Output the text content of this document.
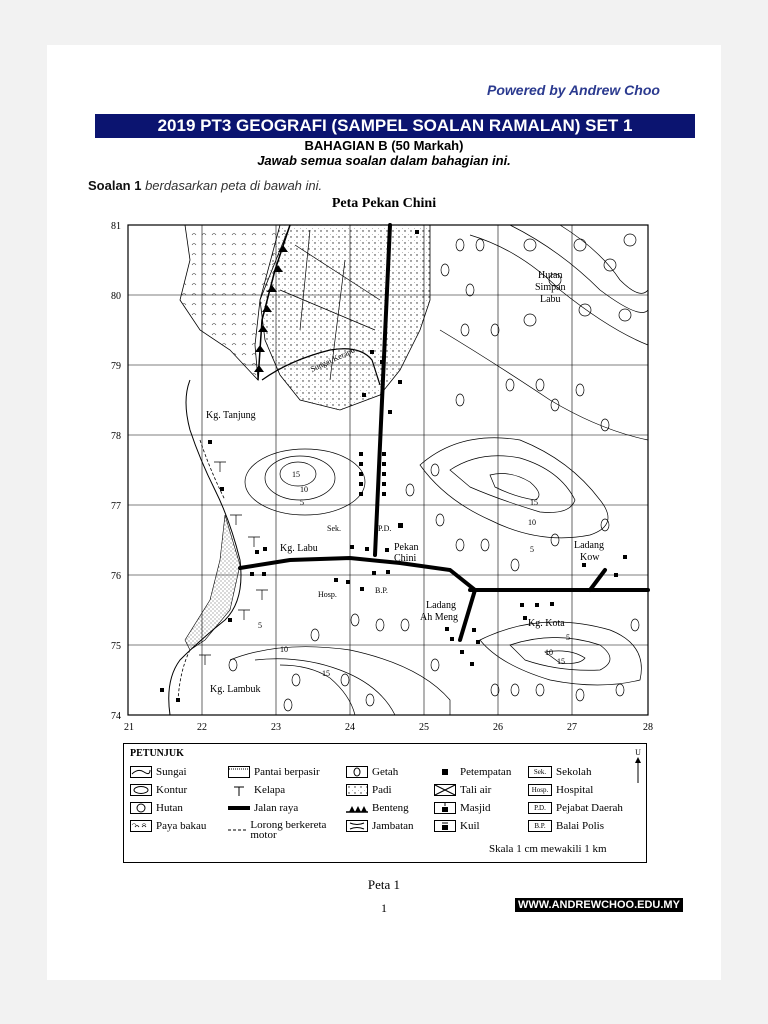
Powered by Andrew Choo
2019 PT3 GEOGRAFI (SAMPEL SOALAN RAMALAN) SET 1
BAHAGIAN B (50 Markah)
Jawab semua soalan dalam bahagian ini.
Soalan 1 berdasarkan peta di bawah ini.
Peta Pekan Chini
21	22	23	24	25	26	27	28
81
80
79
78
77
76
75
74
Sungai Kerapu
15
10
5	15
10
5
5
10
15
5
10
15
Kg. Tanjung
Kg. Labu
Kg. Lambuk
Pekan
Chini
Ladang
Ah Meng
Ladang
Kow
Kg. Kota
Hutan
Simpan
Labu
Sek.	P.D.
Hosp.	B.P.
PETUNJUK
Sungai
Kontur
Hutan
Paya bakau
Pantai berpasir
Kelapa
Jalan raya
Lorong berkereta motor
Getah
Padi
Benteng
Jambatan
Petempatan
Tali air
Masjid
Kuil
Sek. Sekolah
Hosp. Hospital
P.D. Pejabat Daerah
B.P. Balai Polis
U
Skala 1 cm mewakili 1 km
Peta 1
1	WWW.ANDREWCHOO.EDU.MY
